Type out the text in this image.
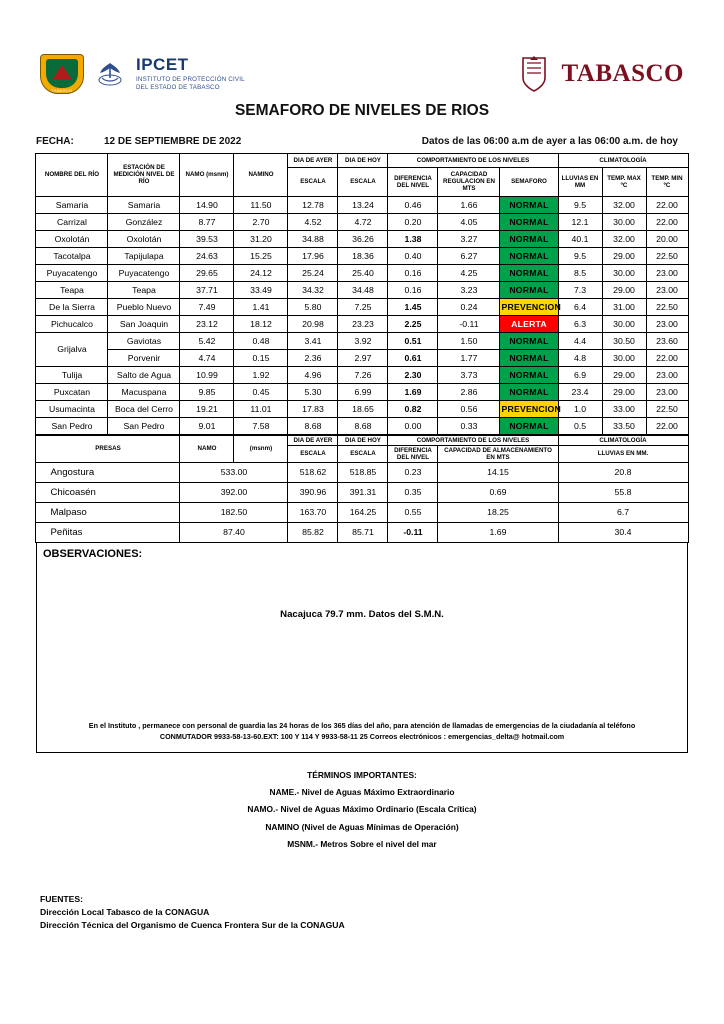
TABASCO
IPCET
INSTITUTO DE PROTECCIÓN CIVIL
DEL ESTADO DE TABASCO
TABASCO
SEMAFORO DE NIVELES DE RIOS
FECHA:	12 DE SEPTIEMBRE DE 2022	Datos de las 06:00 a.m de ayer a las 06:00 a.m. de hoy
NOMBRE DEL RÍO	ESTACIÓN DE MEDICIÓN NIVEL DE RÍO	NAMO (msnm)	NAMINO	DIA DE AYER	DIA DE HOY	COMPORTAMIENTO DE LOS NIVELES			CLIMATOLOGÍA		
				ESCALA	ESCALA	DIFERENCIA DEL NIVEL	CAPACIDAD REGULACION EN MTS	SEMAFORO	LLUVIAS EN MM	TEMP. MAX ºC	TEMP. MIN ºC
Samaria	Samaria	14.90	11.50	12.78	13.24	0.46	1.66	NORMAL	9.5	32.00	22.00
Carrizal	González	8.77	2.70	4.52	4.72	0.20	4.05	NORMAL	12.1	30.00	22.00
Oxolotán	Oxolotán	39.53	31.20	34.88	36.26	1.38	3.27	NORMAL	40.1	32.00	20.00
Tacotalpa	Tapijulapa	24.63	15.25	17.96	18.36	0.40	6.27	NORMAL	9.5	29.00	22.50
Puyacatengo	Puyacatengo	29.65	24.12	25.24	25.40	0.16	4.25	NORMAL	8.5	30.00	23.00
Teapa	Teapa	37.71	33.49	34.32	34.48	0.16	3.23	NORMAL	7.3	29.00	23.00
De la Sierra	Pueblo Nuevo	7.49	1.41	5.80	7.25	1.45	0.24	PREVENCION	6.4	31.00	22.50
Pichucalco	San Joaquin	23.12	18.12	20.98	23.23	2.25	-0.11	ALERTA	6.3	30.00	23.00
Grijalva	Gaviotas	5.42	0.48	3.41	3.92	0.51	1.50	NORMAL	4.4	30.50	23.60
	Porvenir	4.74	0.15	2.36	2.97	0.61	1.77	NORMAL	4.8	30.00	22.00
Tulija	Salto de Agua	10.99	1.92	4.96	7.26	2.30	3.73	NORMAL	6.9	29.00	23.00
Puxcatan	Macuspana	9.85	0.45	5.30	6.99	1.69	2.86	NORMAL	23.4	29.00	23.00
Usumacinta	Boca del Cerro	19.21	11.01	17.83	18.65	0.82	0.56	PREVENCION	1.0	33.00	22.50
San Pedro	San Pedro	9.01	7.58	8.68	8.68	0.00	0.33	NORMAL	0.5	33.50	22.00
PRESAS	NAMO	(msnm)	DIA DE AYER	DIA DE HOY	COMPORTAMIENTO DE LOS NIVELES		CLIMATOLOGÍA
			ESCALA	ESCALA	DIFERENCIA DEL NIVEL	CAPACIDAD DE ALMACENAMIENTO EN MTS	LLUVIAS EN MM.
Angostura	533.00		518.62	518.85	0.23	14.15	20.8
Chicoasén	392.00		390.96	391.31	0.35	0.69	55.8
Malpaso	182.50		163.70	164.25	0.55	18.25	6.7
Peñitas	87.40		85.82	85.71	-0.11	1.69	30.4
OBSERVACIONES:
Nacajuca 79.7 mm. Datos del S.M.N.
En el Instituto , permanece con personal de guardia las 24 horas de los 365 días del año, para atención de llamadas de emergencias de la ciudadanía al teléfono
CONMUTADOR 9933-58-13-60.EXT: 100 Y 114 Y 9933-58-11 25 Correos electrónicos : emergencias_delta@ hotmail.com
TÉRMINOS IMPORTANTES:
NAME.- Nivel de Aguas Máximo Extraordinario
NAMO.- Nivel de Aguas Máximo Ordinario (Escala Crítica)
NAMINO (Nivel de Aguas Mínimas de Operación)
MSNM.- Metros Sobre el nivel del mar
FUENTES:
Dirección Local Tabasco de la CONAGUA
Dirección Técnica del Organismo de Cuenca Frontera Sur de la CONAGUA
